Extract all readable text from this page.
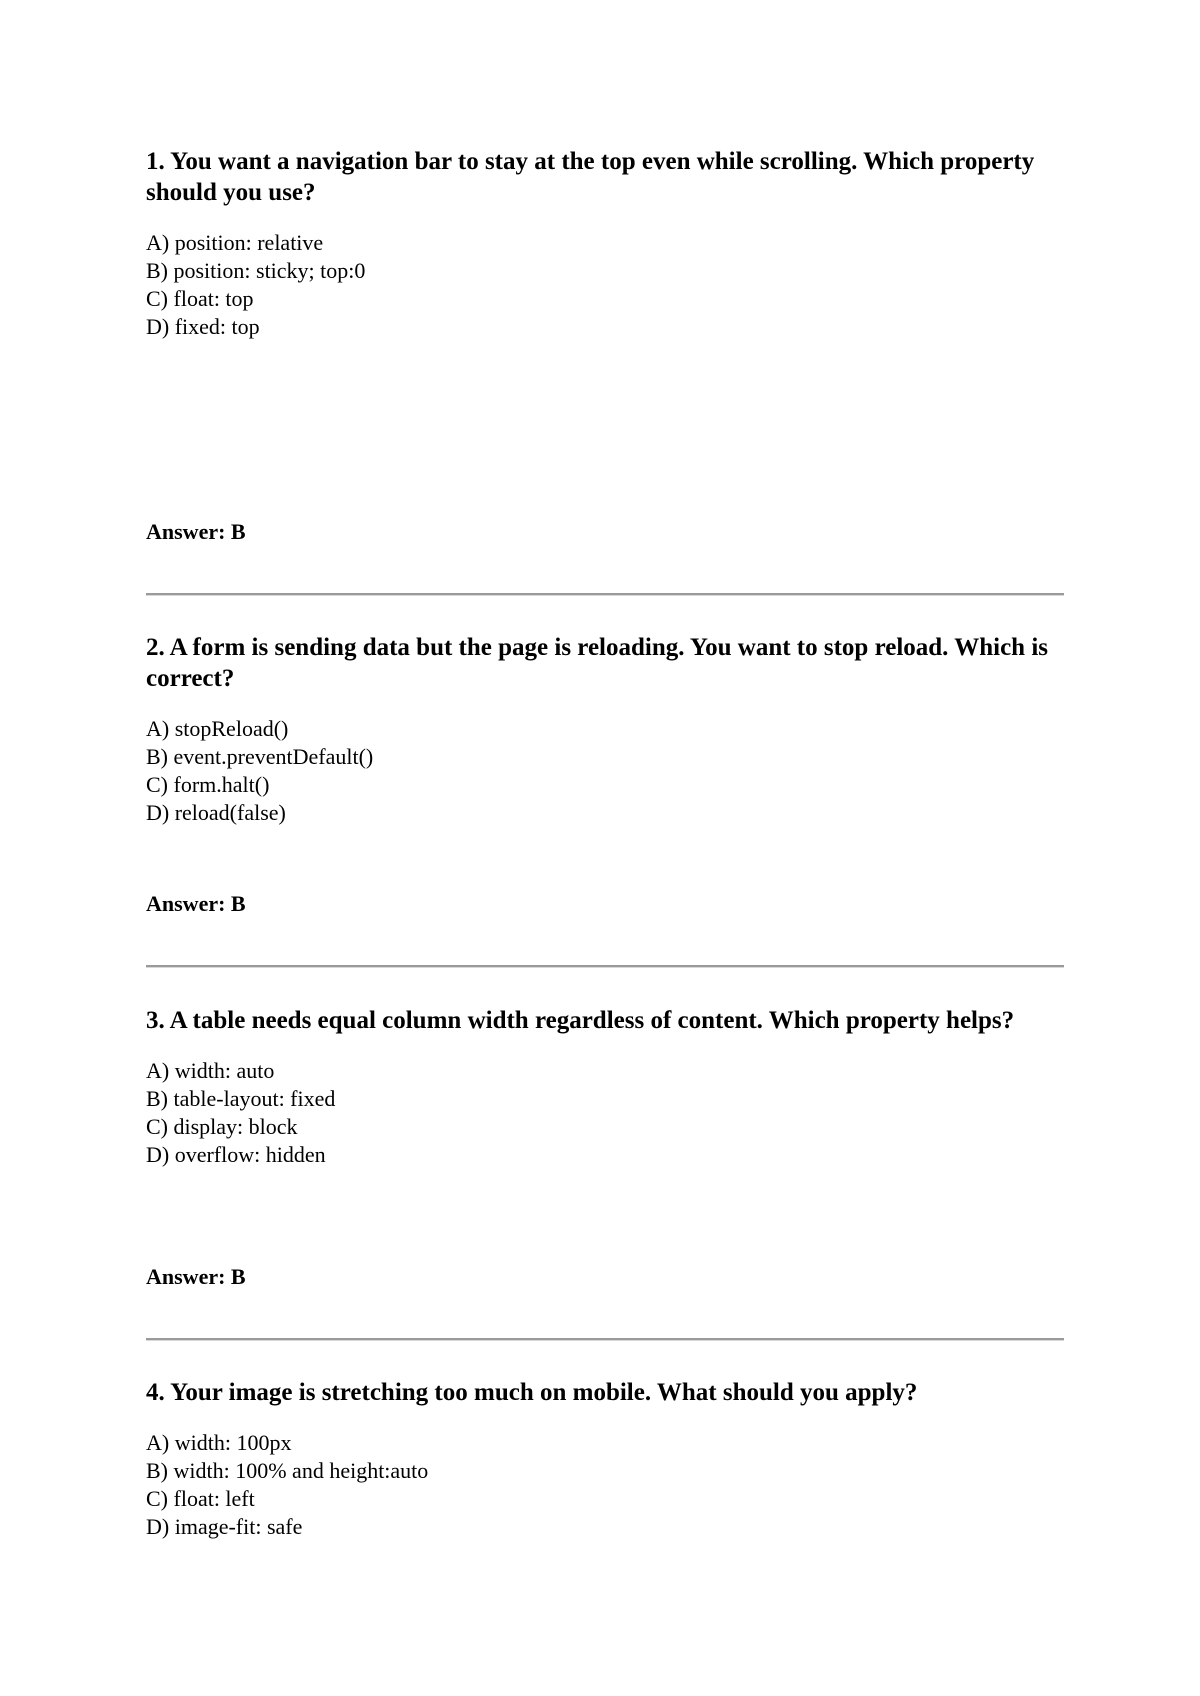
1. You want a navigation bar to stay at the top even while scrolling. Which property should you use?

A) position: relative
B) position: sticky; top:0
C) float: top
D) fixed: top

Answer: B

2. A form is sending data but the page is reloading. You want to stop reload. Which is correct?

A) stopReload()
B) event.preventDefault()
C) form.halt()
D) reload(false)

Answer: B

3. A table needs equal column width regardless of content. Which property helps?

A) width: auto
B) table-layout: fixed
C) display: block
D) overflow: hidden

Answer: B

4. Your image is stretching too much on mobile. What should you apply?

A) width: 100px
B) width: 100% and height:auto
C) float: left
D) image-fit: safe
